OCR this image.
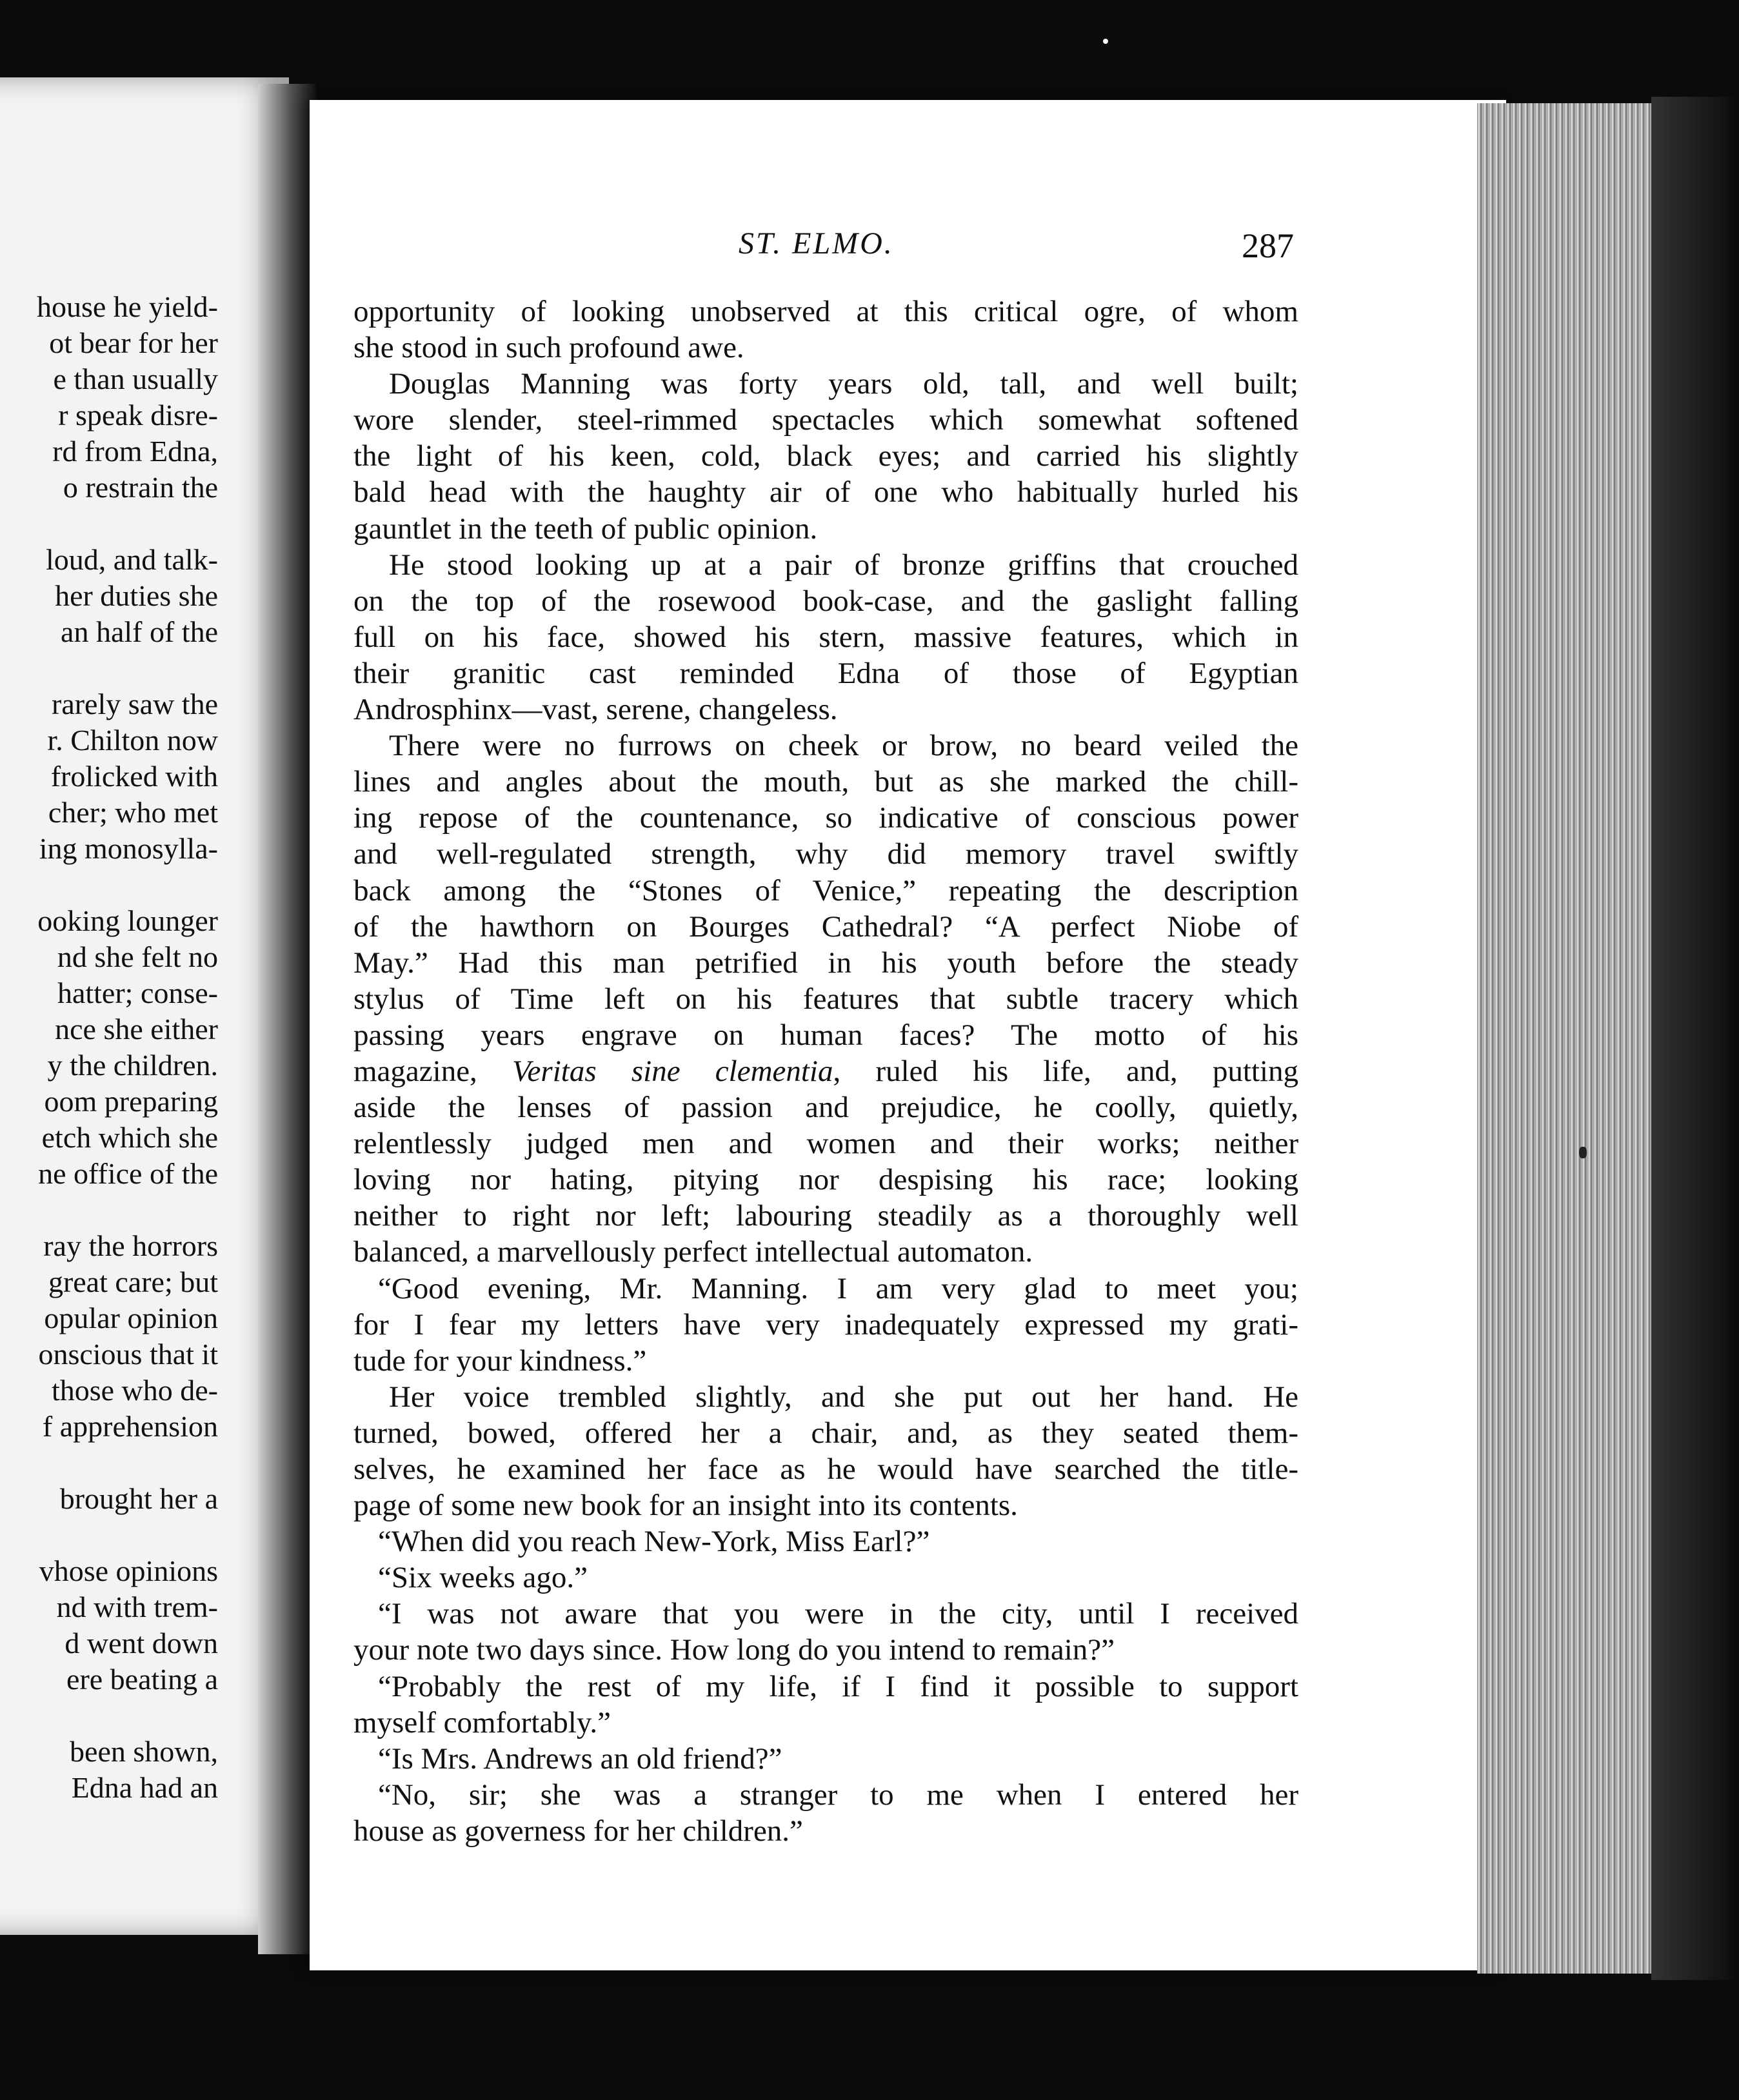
house he yield-
ot bear for her
e than usually
r speak disre-
rd from Edna,
o restrain the
loud, and talk-
her duties she
an half of the
rarely saw the
r. Chilton now
frolicked with
cher; who met
ing monosylla-
ooking lounger
nd she felt no
hatter; conse-
nce she either
y the children.
oom preparing
etch which she
ne office of the
ray the horrors
great care; but
opular opinion
onscious that it
those who de-
f apprehension
brought her a
vhose opinions
nd with trem-
d went down
ere beating a
been shown,
Edna had an
ST. ELMO.	287
opportunity of looking unobserved at this critical ogre, of whom
she stood in such profound awe.
Douglas Manning was forty years old, tall, and well built;
wore slender, steel-rimmed spectacles which somewhat softened
the light of his keen, cold, black eyes; and carried his slightly
bald head with the haughty air of one who habitually hurled his
gauntlet in the teeth of public opinion.
He stood looking up at a pair of bronze griffins that crouched
on the top of the rosewood book-case, and the gaslight falling
full on his face, showed his stern, massive features, which in
their granitic cast reminded Edna of those of Egyptian
Androsphinx—vast, serene, changeless.
There were no furrows on cheek or brow, no beard veiled the
lines and angles about the mouth, but as she marked the chill-
ing repose of the countenance, so indicative of conscious power
and well-regulated strength, why did memory travel swiftly
back among the “Stones of Venice,” repeating the description
of the hawthorn on Bourges Cathedral? “A perfect Niobe of
May.” Had this man petrified in his youth before the steady
stylus of Time left on his features that subtle tracery which
passing years engrave on human faces? The motto of his
magazine, Veritas sine clementia, ruled his life, and, putting
aside the lenses of passion and prejudice, he coolly, quietly,
relentlessly judged men and women and their works; neither
loving nor hating, pitying nor despising his race; looking
neither to right nor left; labouring steadily as a thoroughly well
balanced, a marvellously perfect intellectual automaton.
“Good evening, Mr. Manning. I am very glad to meet you;
for I fear my letters have very inadequately expressed my grati-
tude for your kindness.”
Her voice trembled slightly, and she put out her hand. He
turned, bowed, offered her a chair, and, as they seated them-
selves, he examined her face as he would have searched the title-
page of some new book for an insight into its contents.
“When did you reach New-York, Miss Earl?”
“Six weeks ago.”
“I was not aware that you were in the city, until I received
your note two days since. How long do you intend to remain?”
“Probably the rest of my life, if I find it possible to support
myself comfortably.”
“Is Mrs. Andrews an old friend?”
“No, sir; she was a stranger to me when I entered her
house as governess for her children.”
